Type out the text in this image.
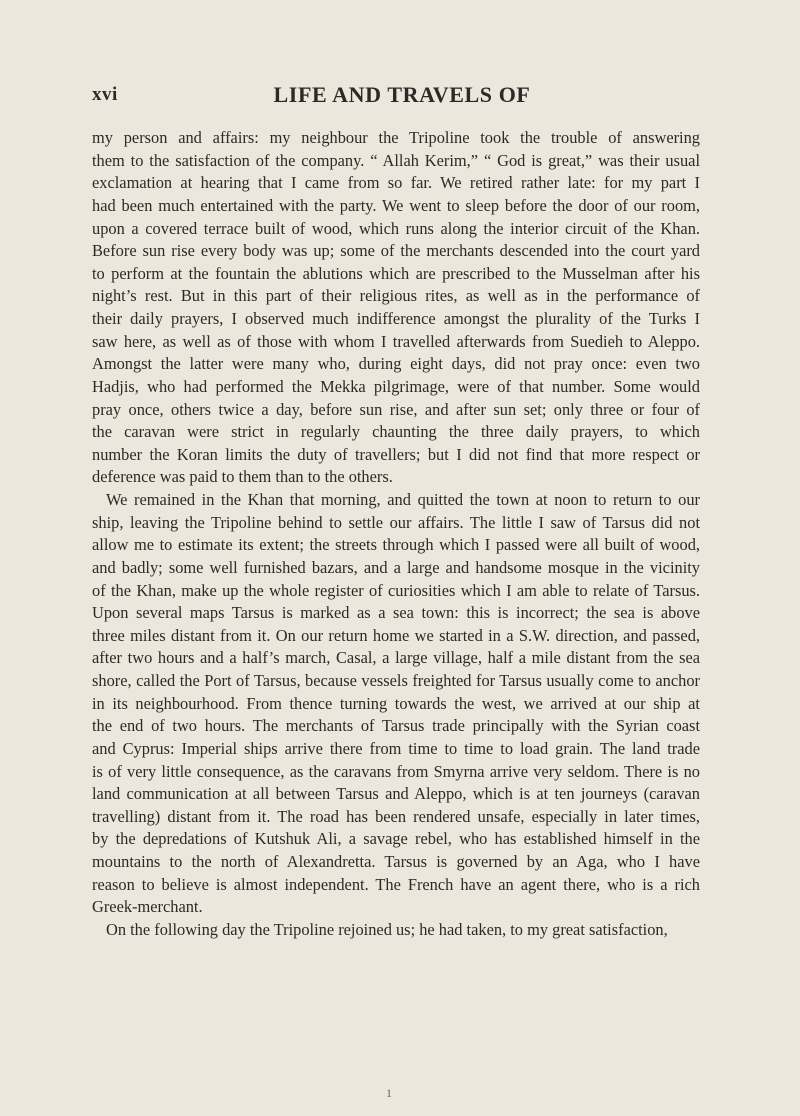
xvi	LIFE AND TRAVELS OF

my person and affairs: my neighbour the Tripoline took the trouble of answering
them to the satisfaction of the company. “ Allah Kerim,” “ God is great,” was their usual
exclamation at hearing that I came from so far. We retired rather late: for my part I
had been much entertained with the party. We went to sleep before the door of our room,
upon a covered terrace built of wood, which runs along the interior circuit of the Khan.
Before sun rise every body was up; some of the merchants descended into the court yard
to perform at the fountain the ablutions which are prescribed to the Musselman after his
night’s rest. But in this part of their religious rites, as well as in the performance of
their daily prayers, I observed much indifference amongst the plurality of the Turks I
saw here, as well as of those with whom I travelled afterwards from Suedieh to Aleppo.
Amongst the latter were many who, during eight days, did not pray once: even two
Hadjis, who had performed the Mekka pilgrimage, were of that number. Some would
pray once, others twice a day, before sun rise, and after sun set; only three or four of
the caravan were strict in regularly chaunting the three daily prayers, to which
number the Koran limits the duty of travellers; but I did not find that more respect or
deference was paid to them than to the others.

We remained in the Khan that morning, and quitted the town at noon to return to our
ship, leaving the Tripoline behind to settle our affairs. The little I saw of Tarsus did not
allow me to estimate its extent; the streets through which I passed were all built of wood,
and badly; some well furnished bazars, and a large and handsome mosque in the vicinity
of the Khan, make up the whole register of curiosities which I am able to relate of Tarsus.
Upon several maps Tarsus is marked as a sea town: this is incorrect; the sea is above
three miles distant from it. On our return home we started in a S.W. direction, and passed,
after two hours and a half’s march, Casal, a large village, half a mile distant from the sea
shore, called the Port of Tarsus, because vessels freighted for Tarsus usually come to anchor
in its neighbourhood. From thence turning towards the west, we arrived at our ship at
the end of two hours. The merchants of Tarsus trade principally with the Syrian coast
and Cyprus: Imperial ships arrive there from time to time to load grain. The land trade
is of very little consequence, as the caravans from Smyrna arrive very seldom. There is no
land communication at all between Tarsus and Aleppo, which is at ten journeys (caravan
travelling) distant from it. The road has been rendered unsafe, especially in later times,
by the depredations of Kutshuk Ali, a savage rebel, who has established himself in the
mountains to the north of Alexandretta. Tarsus is governed by an Aga, who I have
reason to believe is almost independent. The French have an agent there, who is a rich
Greek-merchant.

On the following day the Tripoline rejoined us; he had taken, to my great satisfaction,

1
